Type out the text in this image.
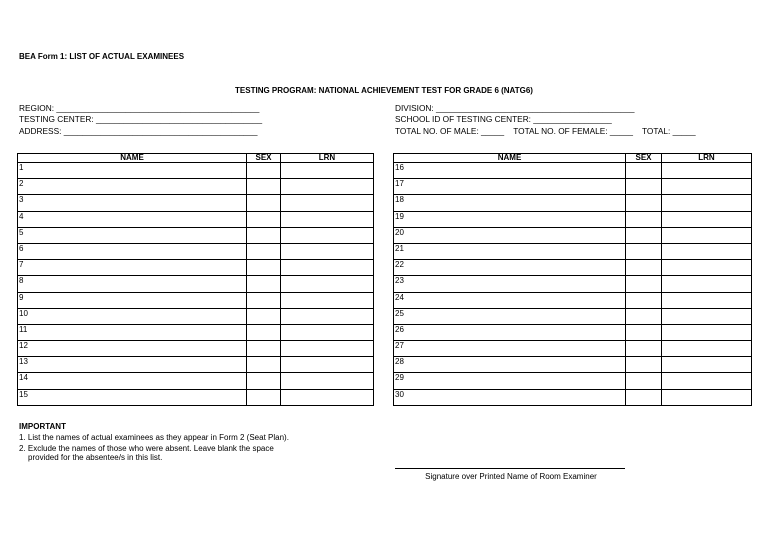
BEA Form 1: LIST OF ACTUAL EXAMINEES
TESTING PROGRAM: NATIONAL ACHIEVEMENT TEST FOR GRADE 6 (NATG6)
REGION: ____________________________________________
TESTING CENTER: ____________________________________
ADDRESS: __________________________________________
DIVISION: ___________________________________________
SCHOOL ID OF TESTING CENTER: _________________
TOTAL NO. OF MALE: _____    TOTAL NO. OF FEMALE: _____    TOTAL: _____
NAME	SEX	LRN
1		
2		
3		
4		
5		
6		
7		
8		
9		
10		
11		
12		
13		
14		
15		
NAME	SEX	LRN
16		
17		
18		
19		
20		
21		
22		
23		
24		
25		
26		
27		
28		
29		
30		
IMPORTANT
1. List the names of actual examinees as they appear in Form 2 (Seat Plan).
2. Exclude the names of those who were absent. Leave blank the space
provided for the absentee/s in this list.
Signature over Printed Name of Room Examiner
